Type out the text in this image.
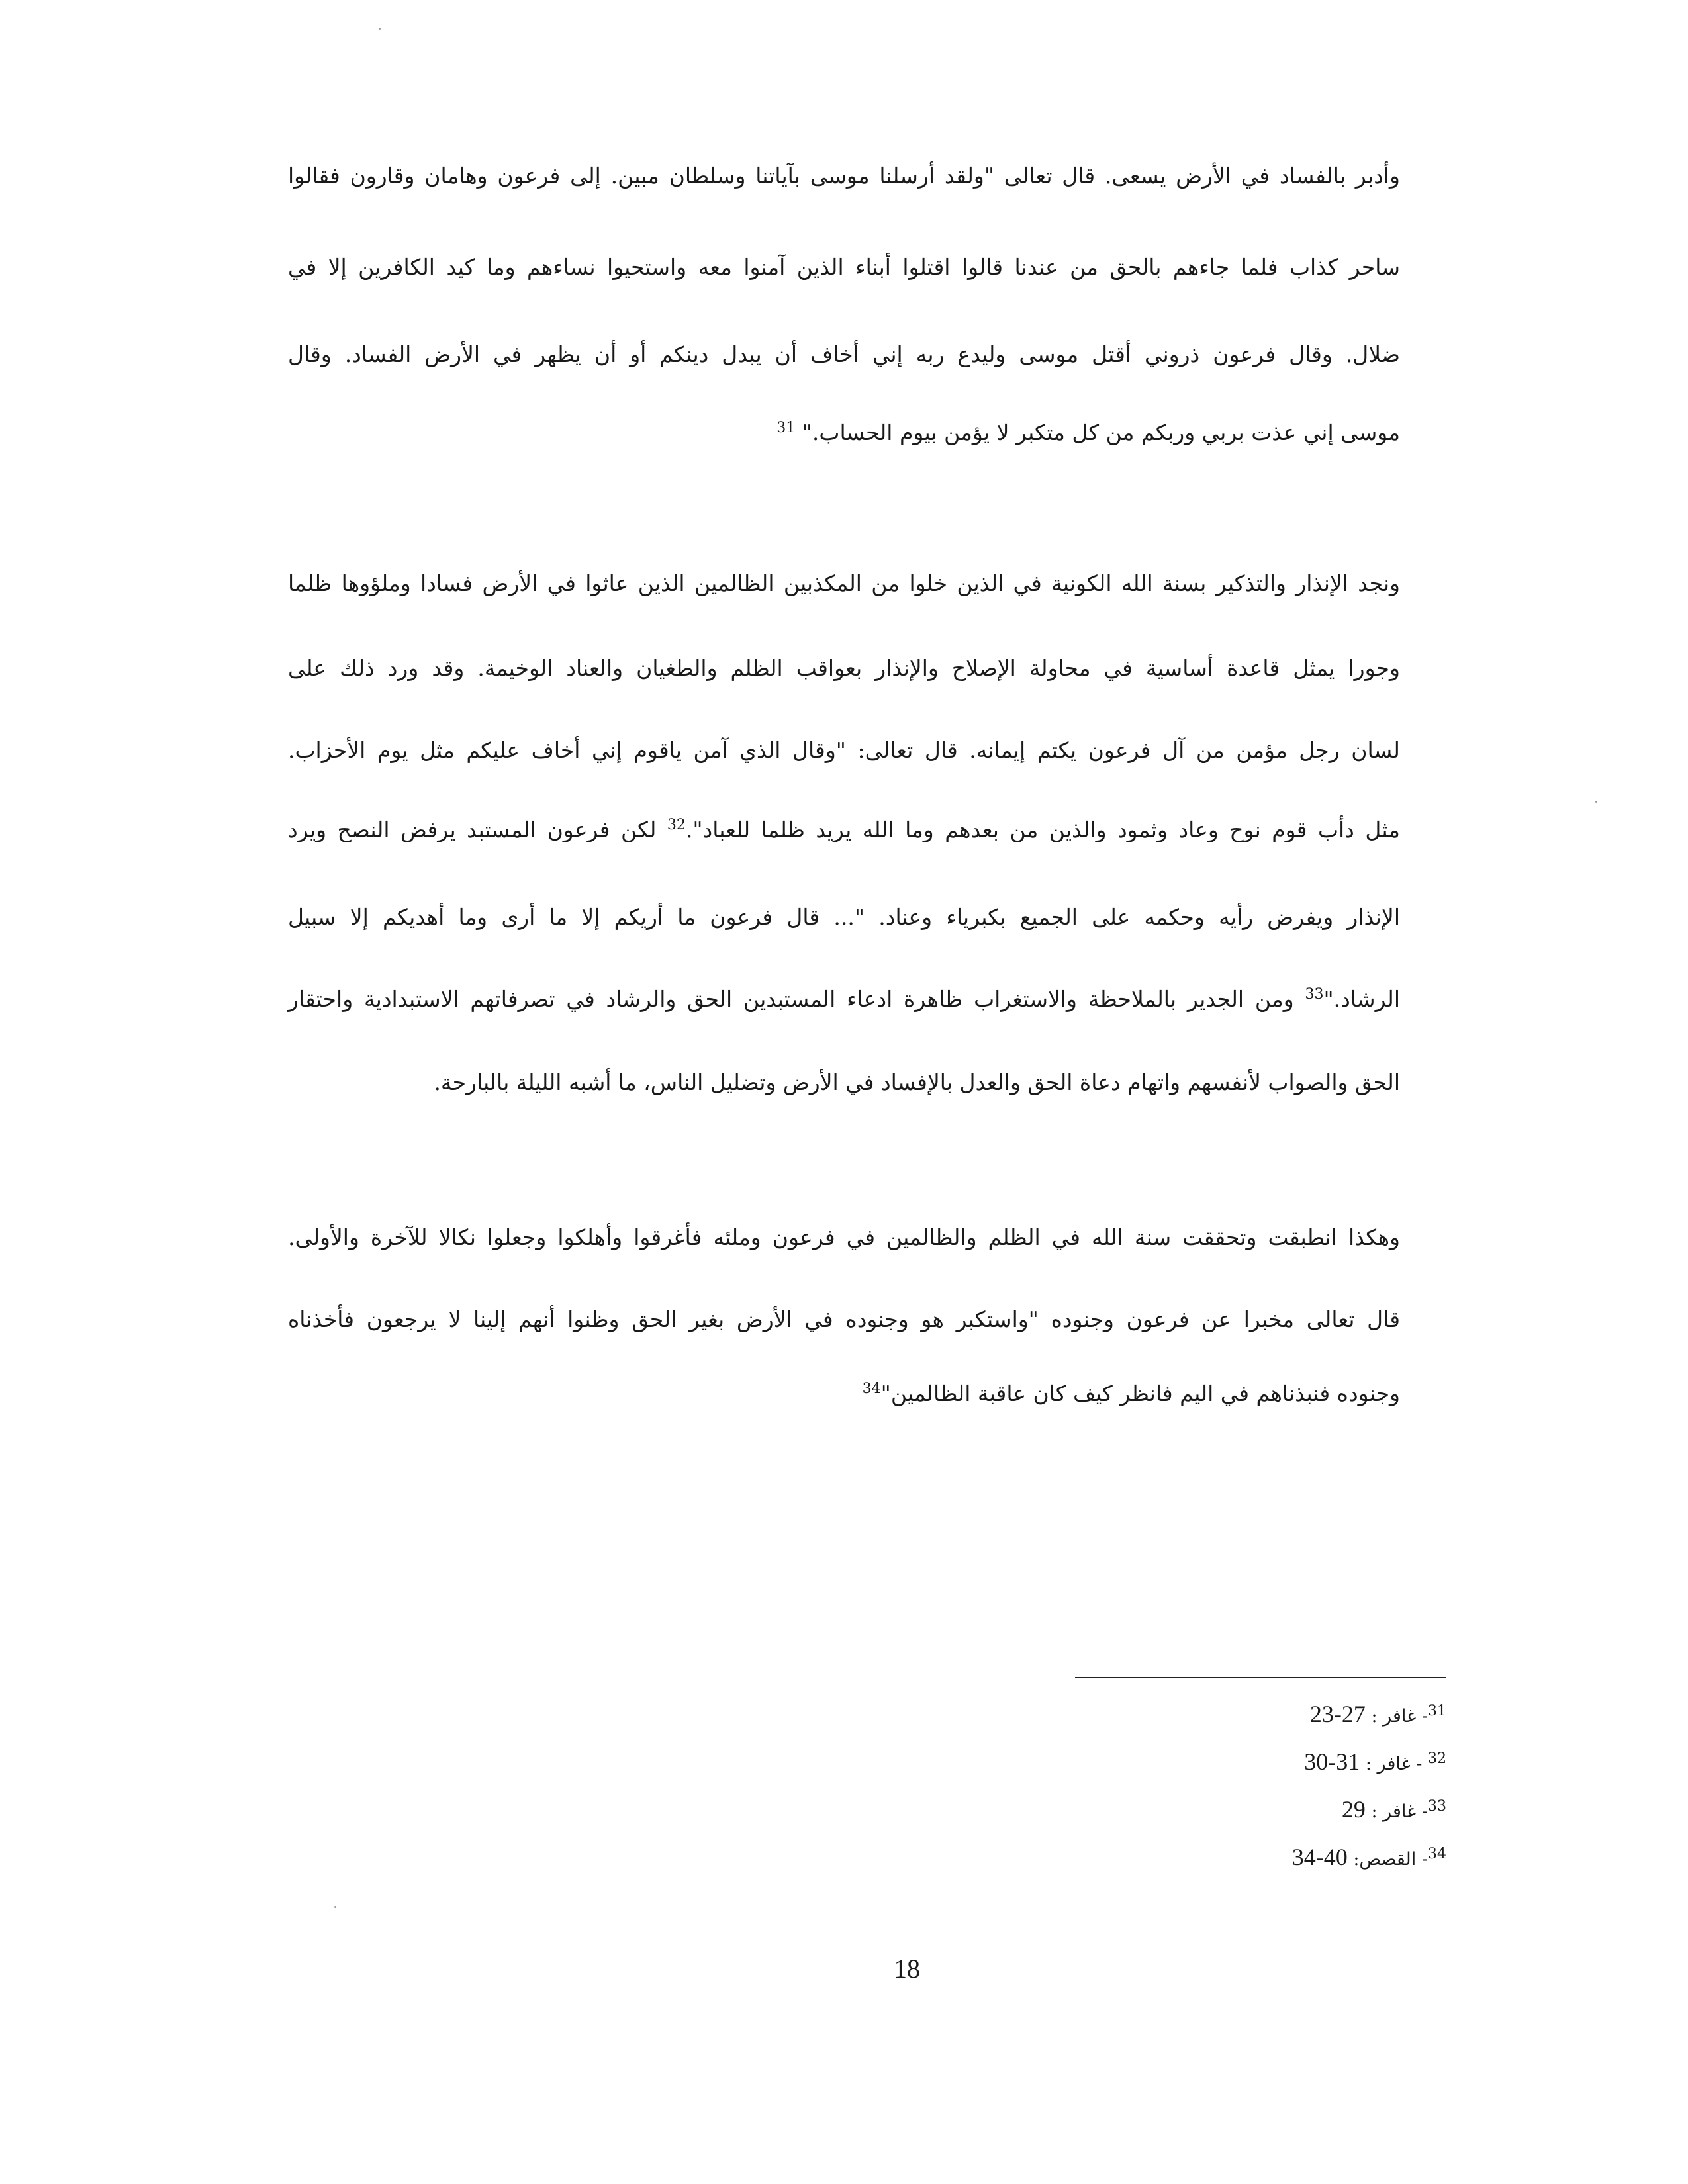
وأدبر بالفساد في الأرض يسعى. قال تعالى "ولقد أرسلنا موسى بآياتنا وسلطان مبين. إلى فرعون وهامان وقارون فقالوا
ساحر كذاب فلما جاءهم بالحق من عندنا قالوا اقتلوا أبناء الذين آمنوا معه واستحيوا نساءهم وما كيد الكافرين إلا في
ضلال. وقال فرعون ذروني أقتل موسى وليدع ربه إني أخاف أن يبدل دينكم أو أن يظهر في الأرض الفساد. وقال
موسى إني عذت بربي وربكم من كل متكبر لا يؤمن بيوم الحساب." $^{31}$
ونجد الإنذار والتذكير بسنة الله الكونية في الذين خلوا من المكذبين الظالمين الذين عاثوا في الأرض فسادا وملؤوها ظلما
وجورا يمثل قاعدة أساسية في محاولة الإصلاح والإنذار بعواقب الظلم والطغيان والعناد الوخيمة. وقد ورد ذلك على
لسان رجل مؤمن من آل فرعون يكتم إيمانه. قال تعالى: "وقال الذي آمن ياقوم إني أخاف عليكم مثل يوم الأحزاب.
مثل دأب قوم نوح وعاد وثمود والذين من بعدهم وما الله يريد ظلما للعباد".$^{32}$ لكن فرعون المستبد يرفض النصح ويرد
الإنذار ويفرض رأيه وحكمه على الجميع بكبرياء وعناد. "... قال فرعون ما أريكم إلا ما أرى وما أهديكم إلا سبيل
الرشاد."$^{33}$ ومن الجدير بالملاحظة والاستغراب ظاهرة ادعاء المستبدين الحق والرشاد في تصرفاتهم الاستبدادية واحتقار
الحق والصواب لأنفسهم واتهام دعاة الحق والعدل بالإفساد في الأرض وتضليل الناس، ما أشبه الليلة بالبارحة.
وهكذا انطبقت وتحققت سنة الله في الظلم والظالمين في فرعون وملئه فأغرقوا وأهلكوا وجعلوا نكالا للآخرة والأولى.
قال تعالى مخبرا عن فرعون وجنوده "واستكبر هو وجنوده في الأرض بغير الحق وظنوا أنهم إلينا لا يرجعون فأخذناه
وجنوده فنبذناهم في اليم فانظر كيف كان عاقبة الظالمين"$^{34}$
$^{31}$- غافر : 23-27
$^{32}$ - غافر : 30-31
$^{33}$- غافر : 29
$^{34}$- القصص: 34-40
18
